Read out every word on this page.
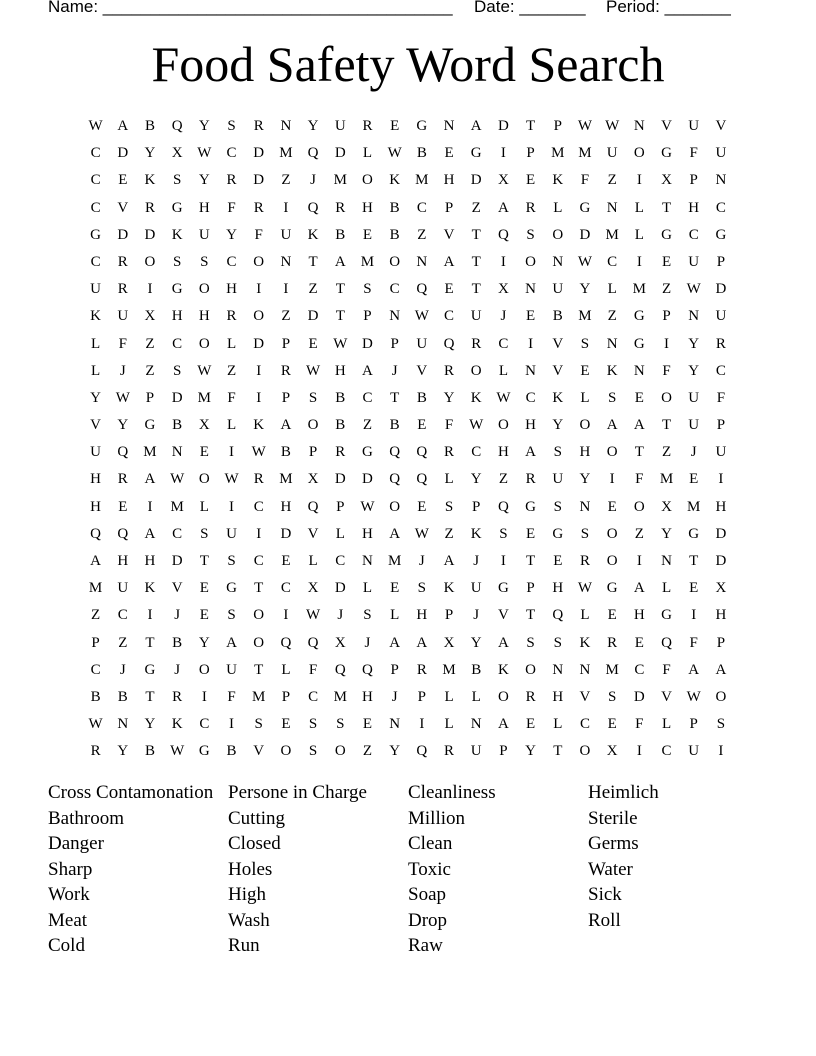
Name: _____________________________________ Date: _______ Period: _______
Food Safety Word Search
W A	B	Q	Y	S	R	N	Y	U	R	E	G	N	A	D	T	P	W W N	V	U	V
C	D	Y	X W	C	D	M	Q	D	L	W	B	E	G	I	P	M M	U	O	G	F	U
C	E	K	S	Y	R	D	Z	J	M	O	K	M	H	D	X	E	K	F	Z	I	X	P	N
C	V	R	G	H	F	R	I	Q	R	H	B	C	P	Z	A	R	L	G	N	L	T	H	C
G	D	D	K	U	Y	F	U	K	B	E	B	Z	V	T	Q	S	O	D	M	L	G	C	G
C	R	O	S	S	C	O	N	T	A	M	O	N	A	T	I	O	N W	C	I	E	U	P
U	R	I	G	O	H	I	I	Z	T	S	C	Q	E	T	X	N	U	Y	L	M	Z	W D
K	U	X	H	H	R	O	Z	D	T	P	N W	C	U	J	E	B	M	Z	G	P	N	U
L	F	Z	C	O	L	D	P	E	W D	P	U	Q	R	C	I	V	S	N	G	I	Y	R
L	J	Z	S	W	Z	I	R	W H	A	J	V	R	O	L	N	V	E	K	N	F	Y	C
Y W	P	D	M	F	I	P	S	B	C	T	B	Y	K W	C	K	L	S	E	O	U	F
V	Y	G	B	X	L	K	A	O	B	Z	B	E	F	W O	H	Y	O	A	A	T	U	P
U	Q	M	N	E	I	W	B	P	R	G	Q	Q	R	C	H	A	S	H	O	T	Z	J	U
H	R	A W O W	R	M	X	D	D	Q	Q	L	Y	Z	R	U	Y	I	F	M	E	I
H	E	I	M	L	I	C	H	Q	P	W O	E	S	P	Q	G	S	N	E	O	X	M	H
Q	Q	A	C	S	U	I	D	V	L	H	A W	Z	K	S	E	G	S	O	Z	Y	G	D
A	H	H	D	T	S	C	E	L	C	N	M	J	A	J	I	T	E	R	O	I	N	T	D
M	U	K	V	E	G	T	C	X	D	L	E	S	K	U	G	P	H W G	A	L	E	X
Z	C	I	J	E	S	O	I	W	J	S	L	H	P	J	V	T	Q	L	E	H	G	I	H
P	Z	T	B	Y	A	O	Q	Q	X	J	A	A	X	Y	A	S	S	K	R	E	Q	F	P
C	J	G	J	O	U	T	L	F	Q	Q	P	R	M	B	K	O	N	N	M	C	F	A	A
B	B	T	R	I	F	M	P	C	M	H	J	P	L	L	O	R	H	V	S	D	V W O
W N	Y	K	C	I	S	E	S	S	E	N	I	L	N	A	E	L	C	E	F	L	P	S
R	Y	B	W G	B	V	O	S	O	Z	Y	Q	R	U	P	Y	T	O	X	I	C	U	I
Cross Contamonation
Bathroom
Danger
Sharp
Work
Meat
Cold
Persone in Charge
Cutting
Closed
Holes
High
Wash
Run
Cleanliness
Million
Clean
Toxic
Soap
Drop
Raw
Heimlich
Sterile
Germs
Water
Sick
Roll
